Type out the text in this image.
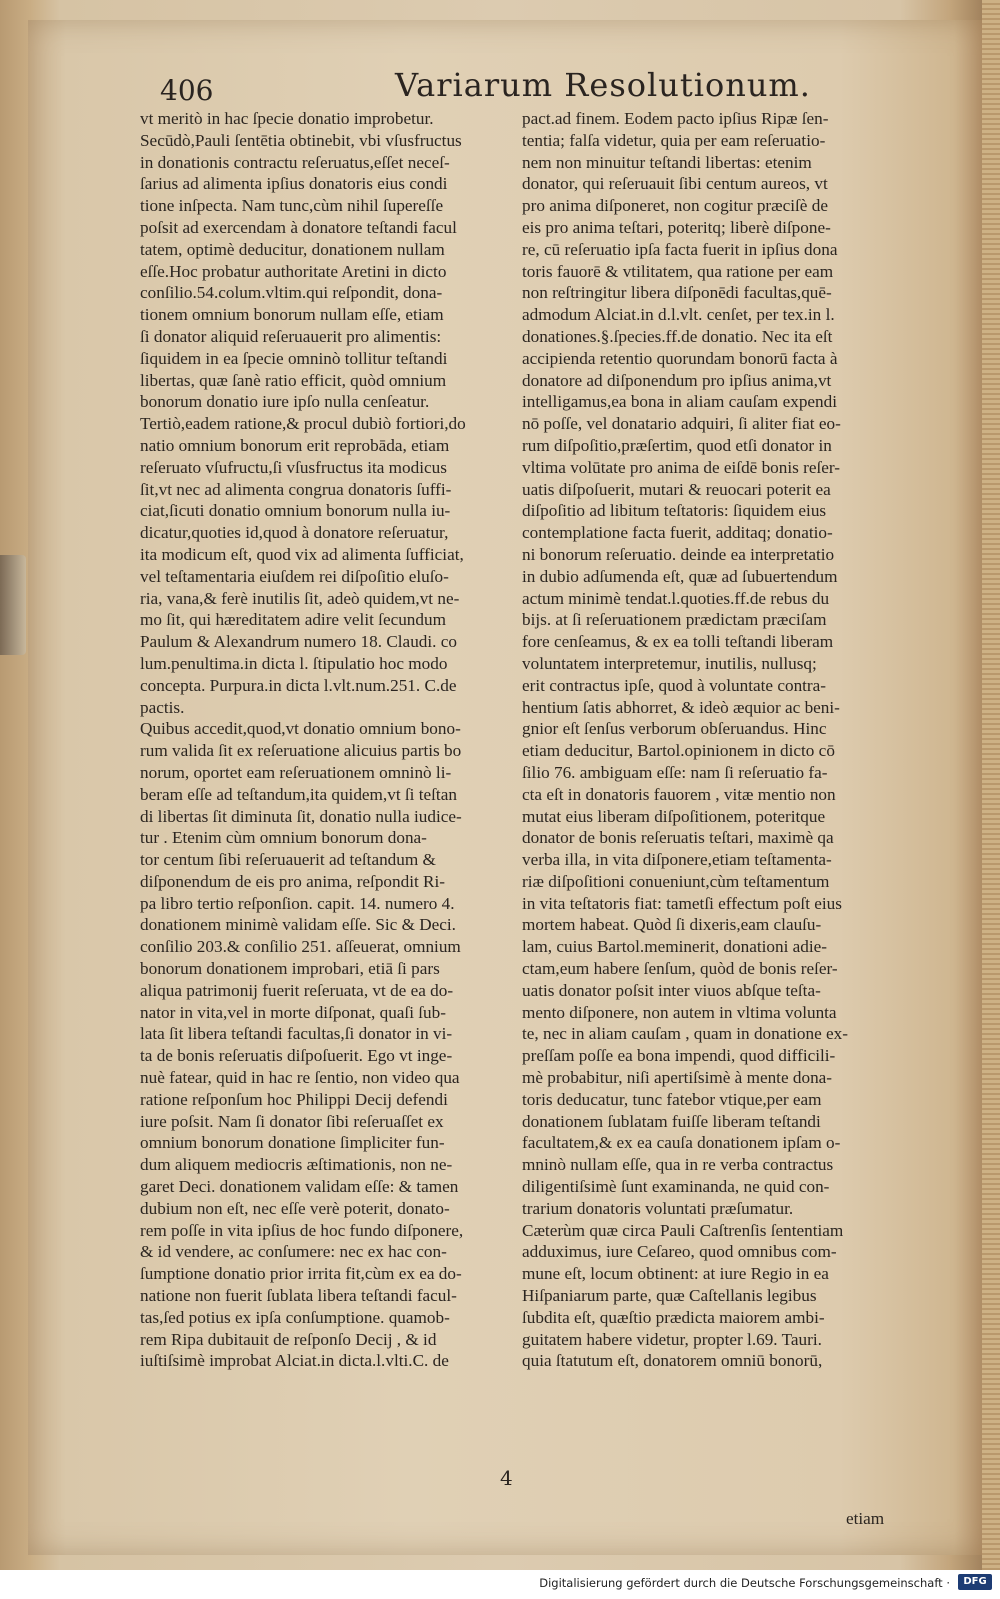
406	Variarum Resolutionum.
vt meritò in hac ſpecie donatio improbetur.
Secūdò,Pauli ſentētia obtinebit, vbi vſusfructus
in donationis contractu reſeruatus,eſſet neceſ-
ſarius ad alimenta ipſius donatoris eius condi
tione inſpecta. Nam tunc,cùm nihil ſupereſſe
poſsit ad exercendam à donatore teſtandi facul
tatem, optimè deducitur, donationem nullam
eſſe.Hoc probatur authoritate Aretini in dicto
conſilio.54.colum.vltim.qui reſpondit, dona-
tionem omnium bonorum nullam eſſe, etiam
ſi donator aliquid reſeruauerit pro alimentis:
ſiquidem in ea ſpecie omninò tollitur teſtandi
libertas, quæ ſanè ratio efficit, quòd omnium
bonorum donatio iure ipſo nulla cenſeatur.
Tertiò,eadem ratione,& procul dubiò fortiori,do
natio omnium bonorum erit reprobāda, etiam
reſeruato vſufructu,ſi vſusfructus ita modicus
ſit,vt nec ad alimenta congrua donatoris ſuffi-
ciat,ſicuti donatio omnium bonorum nulla iu-
dicatur,quoties id,quod à donatore reſeruatur,
ita modicum eſt, quod vix ad alimenta ſufficiat,
vel teſtamentaria eiuſdem rei diſpoſitio eluſo-
ria, vana,& ferè inutilis ſit, adeò quidem,vt ne-
mo ſit, qui hæreditatem adire velit ſecundum
Paulum & Alexandrum numero 18. Claudi. co
lum.penultima.in dicta l. ſtipulatio hoc modo
concepta. Purpura.in dicta l.vlt.num.251. C.de
pactis.
Quibus accedit,quod,vt donatio omnium bono-
rum valida ſit ex reſeruatione alicuius partis bo
norum, oportet eam reſeruationem omninò li-
beram eſſe ad teſtandum,ita quidem,vt ſi teſtan
di libertas ſit diminuta ſit, donatio nulla iudice-
tur . Etenim cùm omnium bonorum dona-
tor centum ſibi reſeruauerit ad teſtandum &
diſponendum de eis pro anima, reſpondit Ri-
pa libro tertio reſponſion. capit. 14. numero 4.
donationem minimè validam eſſe. Sic & Deci.
conſilio 203.& conſilio 251. aſſeuerat, omnium
bonorum donationem improbari, etiā ſi pars
aliqua patrimonij fuerit reſeruata, vt de ea do-
nator in vita,vel in morte diſponat, quaſi ſub-
lata ſit libera teſtandi facultas,ſi donator in vi-
ta de bonis reſeruatis diſpoſuerit. Ego vt inge-
nuè fatear, quid in hac re ſentio, non video qua
ratione reſponſum hoc Philippi Decij defendi
iure poſsit. Nam ſi donator ſibi reſeruaſſet ex
omnium bonorum donatione ſimpliciter fun-
dum aliquem mediocris æſtimationis, non ne-
garet Deci. donationem validam eſſe: & tamen
dubium non eſt, nec eſſe verè poterit, donato-
rem poſſe in vita ipſius de hoc fundo diſponere,
& id vendere, ac conſumere: nec ex hac con-
ſumptione donatio prior irrita fit,cùm ex ea do-
natione non fuerit ſublata libera teſtandi facul-
tas,ſed potius ex ipſa conſumptione. quamob-
rem Ripa dubitauit de reſponſo Decij , & id
iuſtiſsimè improbat Alciat.in dicta.l.vlti.C. de
pact.ad finem. Eodem pacto ipſius Ripæ ſen-
tentia; falſa videtur, quia per eam reſeruatio-
nem non minuitur teſtandi libertas: etenim
donator, qui reſeruauit ſibi centum aureos, vt
pro anima diſponeret, non cogitur præciſè de
eis pro anima teſtari, poteritq; liberè diſpone-
re, cū reſeruatio ipſa facta fuerit in ipſius dona
toris fauorē & vtilitatem, qua ratione per eam
non reſtringitur libera diſponēdi facultas,quē-
admodum Alciat.in d.l.vlt. cenſet, per tex.in l.
donationes.§.ſpecies.ff.de donatio. Nec ita eſt
accipienda retentio quorundam bonorū facta à
donatore ad diſponendum pro ipſius anima,vt
intelligamus,ea bona in aliam cauſam expendi
nō poſſe, vel donatario adquiri, ſi aliter fiat eo-
rum diſpoſitio,præſertim, quod etſi donator in
vltima volūtate pro anima de eiſdē bonis reſer-
uatis diſpoſuerit, mutari & reuocari poterit ea
diſpoſitio ad libitum teſtatoris: ſiquidem eius
contemplatione facta fuerit, additaq; donatio-
ni bonorum reſeruatio. deinde ea interpretatio
in dubio adſumenda eſt, quæ ad ſubuertendum
actum minimè tendat.l.quoties.ff.de rebus du
bijs. at ſi reſeruationem prædictam præciſam
fore cenſeamus, & ex ea tolli teſtandi liberam
voluntatem interpretemur, inutilis, nullusq;
erit contractus ipſe, quod à voluntate contra-
hentium ſatis abhorret, & ideò æquior ac beni-
gnior eſt ſenſus verborum obſeruandus. Hinc
etiam deducitur, Bartol.opinionem in dicto cō
ſilio 76. ambiguam eſſe: nam ſi reſeruatio fa-
cta eſt in donatoris fauorem , vitæ mentio non
mutat eius liberam diſpoſitionem, poteritque
donator de bonis reſeruatis teſtari, maximè qa
verba illa, in vita diſponere,etiam teſtamenta-
riæ diſpoſitioni conueniunt,cùm teſtamentum
in vita teſtatoris fiat: tametſi effectum poſt eius
mortem habeat. Quòd ſi dixeris,eam clauſu-
lam, cuius Bartol.meminerit, donationi adie-
ctam,eum habere ſenſum, quòd de bonis reſer-
uatis donator poſsit inter viuos abſque teſta-
mento diſponere, non autem in vltima volunta
te, nec in aliam cauſam , quam in donatione ex-
preſſam poſſe ea bona impendi, quod difficili-
mè probabitur, niſi apertiſsimè à mente dona-
toris deducatur, tunc fatebor vtique,per eam
donationem ſublatam fuiſſe liberam teſtandi
facultatem,& ex ea cauſa donationem ipſam o-
mninò nullam eſſe, qua in re verba contractus
diligentiſsimè ſunt examinanda, ne quid con-
trarium donatoris voluntati præſumatur.
Cæterùm quæ circa Pauli Caſtrenſis ſententiam
adduximus, iure Ceſareo, quod omnibus com-
mune eſt, locum obtinent: at iure Regio in ea
Hiſpaniarum parte, quæ Caſtellanis legibus
ſubdita eſt, quæſtio prædicta maiorem ambi-
guitatem habere videtur, propter l.69. Tauri.
quia ſtatutum eſt, donatorem omniū bonorū,
4
etiam
Digitalisierung gefördert durch die Deutsche Forschungsgemeinschaft ·	DFG
